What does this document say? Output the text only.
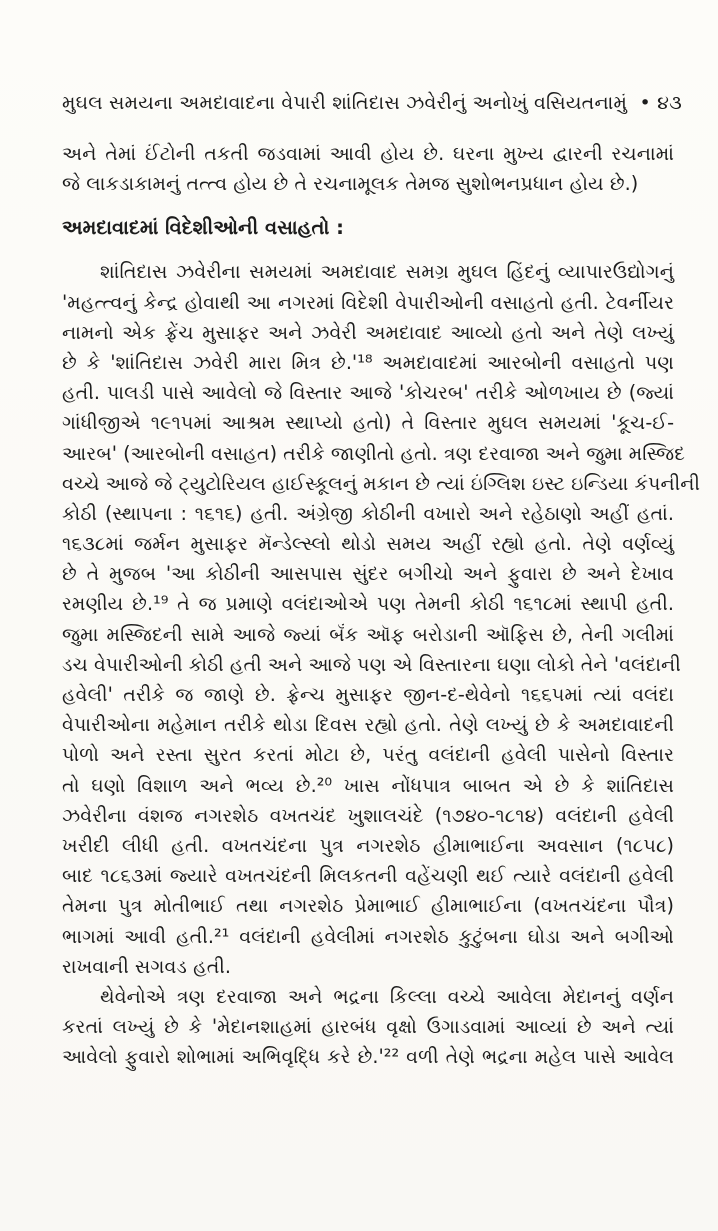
મુઘલ સમયના અમદાવાદના વેપારી શાંતિદાસ ઝવેરીનું અનોખું વસિયતનામું • ૪૩
અને તેમાં ઈંટોની તકતી જડવામાં આવી હોય છે. ઘરના મુખ્ય દ્વારની રચનામાં
જે લાકડાકામનું તત્ત્વ હોય છે તે રચનામૂલક તેમજ સુશોભનપ્રધાન હોય છે.)
અમદાવાદમાં વિદેશીઓની વસાહતો :
શાંતિદાસ ઝવેરીના સમયમાં અમદાવાદ સમગ્ર મુઘલ હિંદનું વ્યાપારઉદ્યોગનું
'મહત્ત્વનું કેન્દ્ર હોવાથી આ નગરમાં વિદેશી વેપારીઓની વસાહતો હતી. ટેવર્નીયર
નામનો એક ફ્રેંચ મુસાફર અને ઝવેરી અમદાવાદ આવ્યો હતો અને તેણે લખ્યું
છે કે 'શાંતિદાસ ઝવેરી મારા મિત્ર છે.'¹⁸ અમદાવાદમાં આરબોની વસાહતો પણ
હતી. પાલડી પાસે આવેલો જે વિસ્તાર આજે 'કોચરબ' તરીકે ઓળખાય છે (જ્યાં
ગાંધીજીએ ૧૯૧૫માં આશ્રમ સ્થાપ્યો હતો) તે વિસ્તાર મુઘલ સમયમાં 'કૂચ-ઈ-
આરબ' (આરબોની વસાહત) તરીકે જાણીતો હતો. ત્રણ દરવાજા અને જુમા મસ્જિદ
વચ્ચે આજે જે ટ્યુટોરિયલ હાઈસ્કૂલનું મકાન છે ત્યાં ઇંગ્લિશ ઇસ્ટ ઇન્ડિયા કંપનીની
કોઠી (સ્થાપના : ૧૬૧૬) હતી. અંગ્રેજી કોઠીની વખારો અને રહેઠાણો અહીં હતાં.
૧૬૩૮માં જર્મન મુસાફર મૅન્ડેલ્સ્લો થોડો સમય અહીં રહ્યો હતો. તેણે વર્ણવ્યું
છે તે મુજબ 'આ કોઠીની આસપાસ સુંદર બગીચો અને ફુવારા છે અને દેખાવ
રમણીય છે.¹⁹ તે જ પ્રમાણે વલંદાઓએ પણ તેમની કોઠી ૧૬૧૮માં સ્થાપી હતી.
જુમા મસ્જિદની સામે આજે જ્યાં બૅંક ઑફ બરોડાની ઑફિસ છે, તેની ગલીમાં
ડચ વેપારીઓની કોઠી હતી અને આજે પણ એ વિસ્તારના ઘણા લોકો તેને 'વલંદાની
હવેલી' તરીકે જ જાણે છે. ફ્રેન્ચ મુસાફર જીન-દ-થેવેનો ૧૬૬૫માં ત્યાં વલંદા
વેપારીઓના મહેમાન તરીકે થોડા દિવસ રહ્યો હતો. તેણે લખ્યું છે કે અમદાવાદની
પોળો અને રસ્તા સુરત કરતાં મોટા છે, પરંતુ વલંદાની હવેલી પાસેનો વિસ્તાર
તો ઘણો વિશાળ અને ભવ્ય છે.²⁰ ખાસ નોંધપાત્ર બાબત એ છે કે શાંતિદાસ
ઝવેરીના વંશજ નગરશેઠ વખતચંદ ખુશાલચંદે (૧૭૪૦-૧૮૧૪) વલંદાની હવેલી
ખરીદી લીધી હતી. વખતચંદના પુત્ર નગરશેઠ હીમાભાઈના અવસાન (૧૮૫૮)
બાદ ૧૮૬૩માં જ્યારે વખતચંદની મિલકતની વહેંચણી થઈ ત્યારે વલંદાની હવેલી
તેમના પુત્ર મોતીભાઈ તથા નગરશેઠ પ્રેમાભાઈ હીમાભાઈના (વખતચંદના પૌત્ર)
ભાગમાં આવી હતી.²¹ વલંદાની હવેલીમાં નગરશેઠ કુટુંબના ઘોડા અને બગીઓ
રાખવાની સગવડ હતી.
થેવેનોએ ત્રણ દરવાજા અને ભદ્રના કિલ્લા વચ્ચે આવેલા મેદાનનું વર્ણન
કરતાં લખ્યું છે કે 'મેદાનશાહમાં હારબંધ વૃક્ષો ઉગાડવામાં આવ્યાં છે અને ત્યાં
આવેલો ફુવારો શોભામાં અભિવૃદ્ધિ કરે છે.'²² વળી તેણે ભદ્રના મહેલ પાસે આવેલ
